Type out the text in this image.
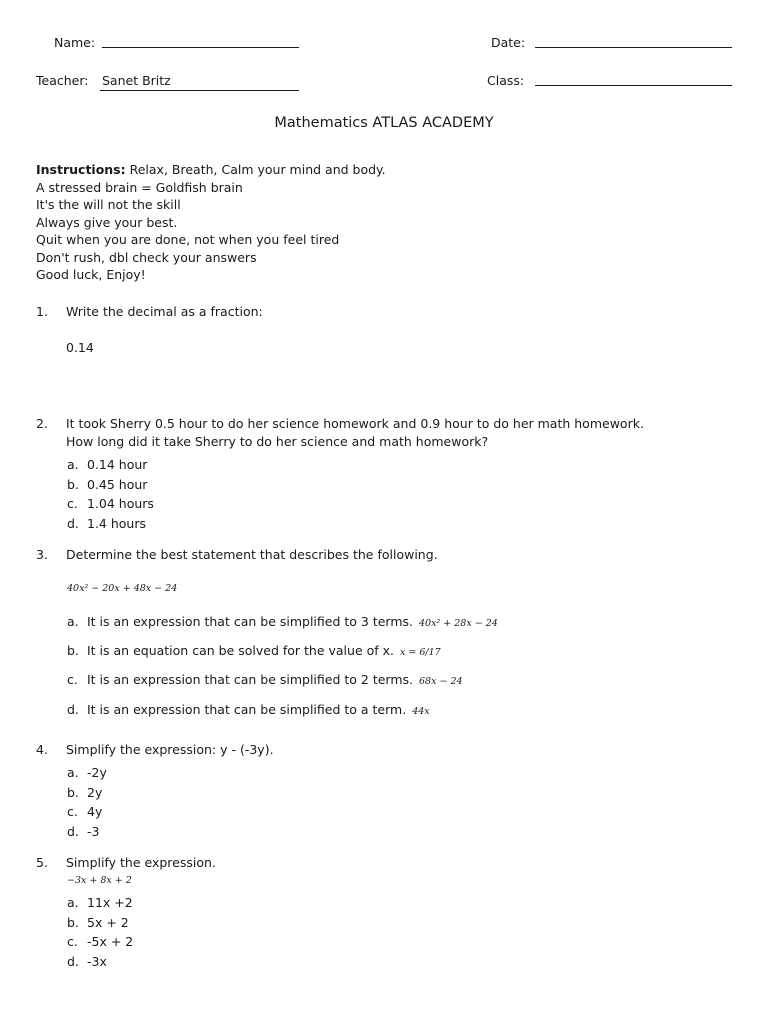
Name:	Date:
Teacher: Sanet Britz	Class:
Mathematics ATLAS ACADEMY
Instructions: Relax, Breath, Calm your mind and body.
A stressed brain = Goldfish brain
It's the will not the skill
Always give your best.
Quit when you are done, not when you feel tired
Don't rush, dbl check your answers
Good luck, Enjoy!
1. Write the decimal as a fraction:
0.14
2. It took Sherry 0.5 hour to do her science homework and 0.9 hour to do her math homework.
How long did it take Sherry to do her science and math homework?
a. 0.14 hour
b. 0.45 hour
c. 1.04 hours
d. 1.4 hours
3. Determine the best statement that describes the following.
40x² − 20x + 48x − 24
a. It is an expression that can be simplified to 3 terms. 40x² + 28x − 24
b. It is an equation can be solved for the value of x. x = 6/17
c. It is an expression that can be simplified to 2 terms. 68x − 24
d. It is an expression that can be simplified to a term. 44x
4. Simplify the expression: y - (-3y).
a. -2y
b. 2y
c. 4y
d. -3
5. Simplify the expression.
−3x + 8x + 2
a. 11x +2
b. 5x + 2
c. -5x + 2
d. -3x
